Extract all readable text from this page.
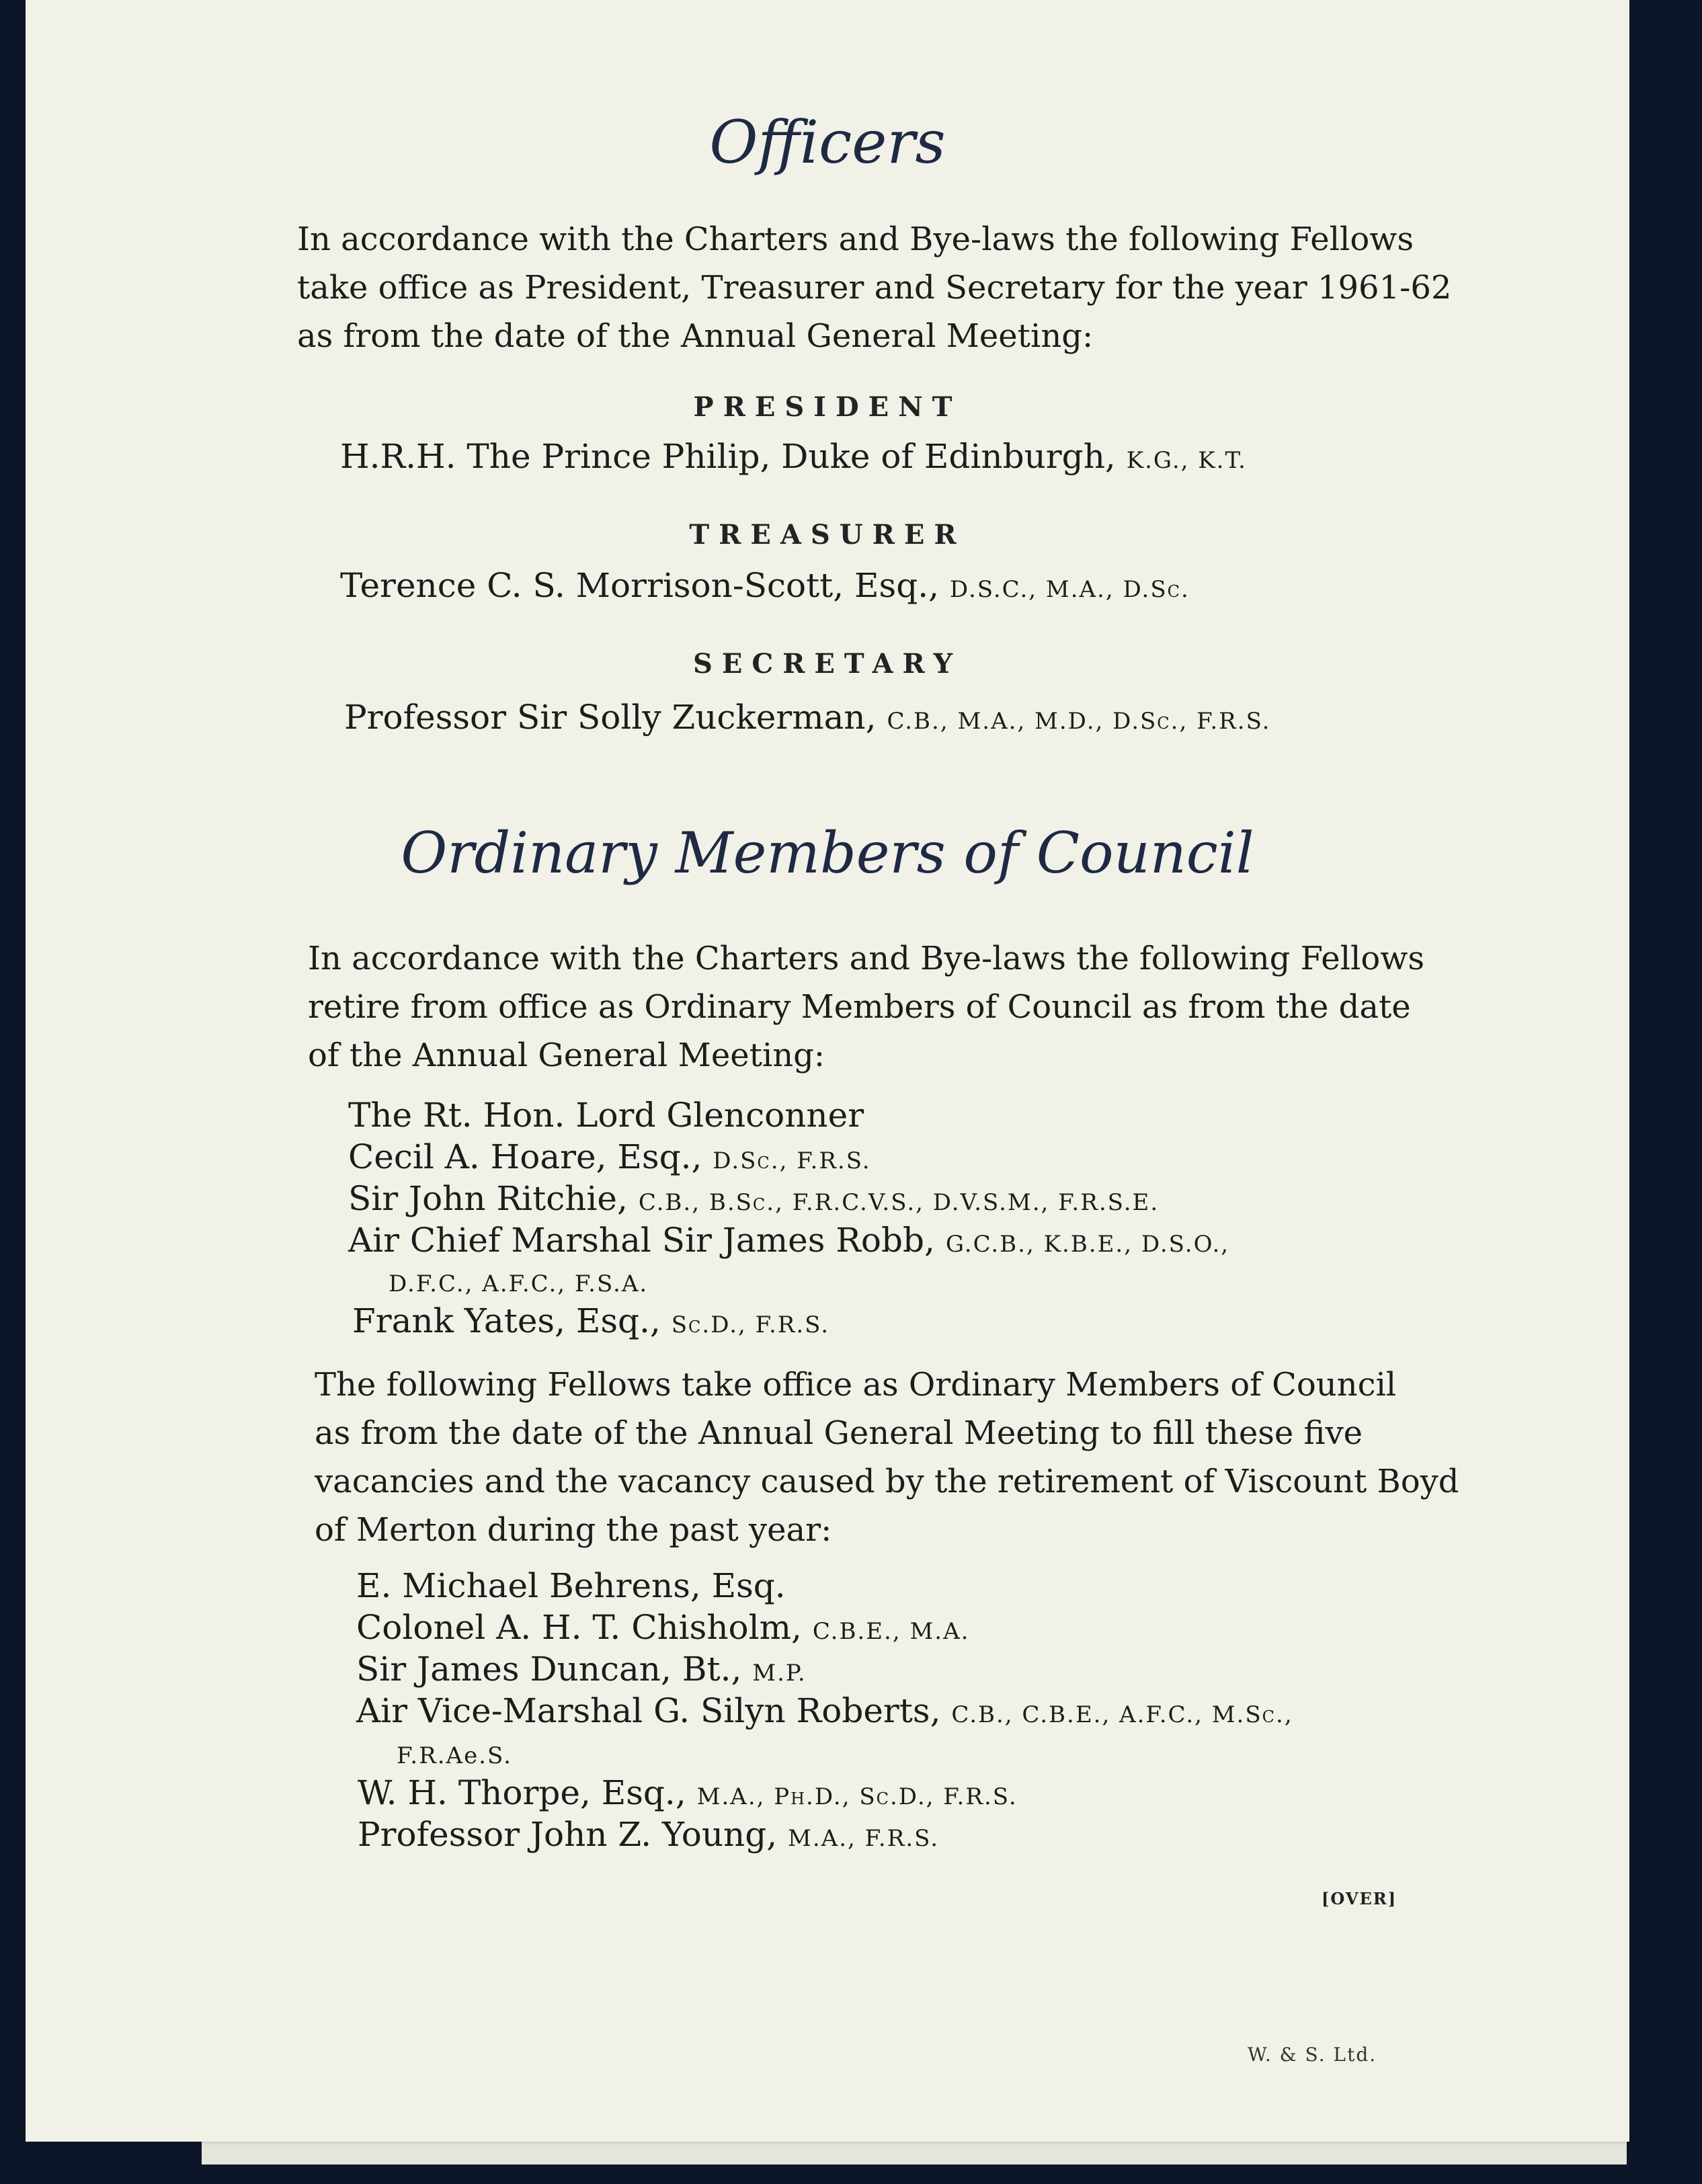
Officers
In accordance with the Charters and Bye-laws the following Fellows
take office as President, Treasurer and Secretary for the year 1961-62
as from the date of the Annual General Meeting:
PRESIDENT
H.R.H. The Prince Philip, Duke of Edinburgh, K.G., K.T.
TREASURER
Terence C. S. Morrison-Scott, Esq., D.S.C., M.A., D.Sc.
SECRETARY
Professor Sir Solly Zuckerman, C.B., M.A., M.D., D.Sc., F.R.S.
Ordinary Members of Council
In accordance with the Charters and Bye-laws the following Fellows
retire from office as Ordinary Members of Council as from the date
of the Annual General Meeting:
The Rt. Hon. Lord Glenconner
Cecil A. Hoare, Esq., D.Sc., F.R.S.
Sir John Ritchie, C.B., B.Sc., F.R.C.V.S., D.V.S.M., F.R.S.E.
Air Chief Marshal Sir James Robb, G.C.B., K.B.E., D.S.O.,
D.F.C., A.F.C., F.S.A.
Frank Yates, Esq., Sc.D., F.R.S.
The following Fellows take office as Ordinary Members of Council
as from the date of the Annual General Meeting to fill these five
vacancies and the vacancy caused by the retirement of Viscount Boyd
of Merton during the past year:
E. Michael Behrens, Esq.
Colonel A. H. T. Chisholm, C.B.E., M.A.
Sir James Duncan, Bt., M.P.
Air Vice-Marshal G. Silyn Roberts, C.B., C.B.E., A.F.C., M.Sc.,
F.R.Ae.S.
W. H. Thorpe, Esq., M.A., Ph.D., Sc.D., F.R.S.
Professor John Z. Young, M.A., F.R.S.
[OVER]
W. & S. Ltd.
